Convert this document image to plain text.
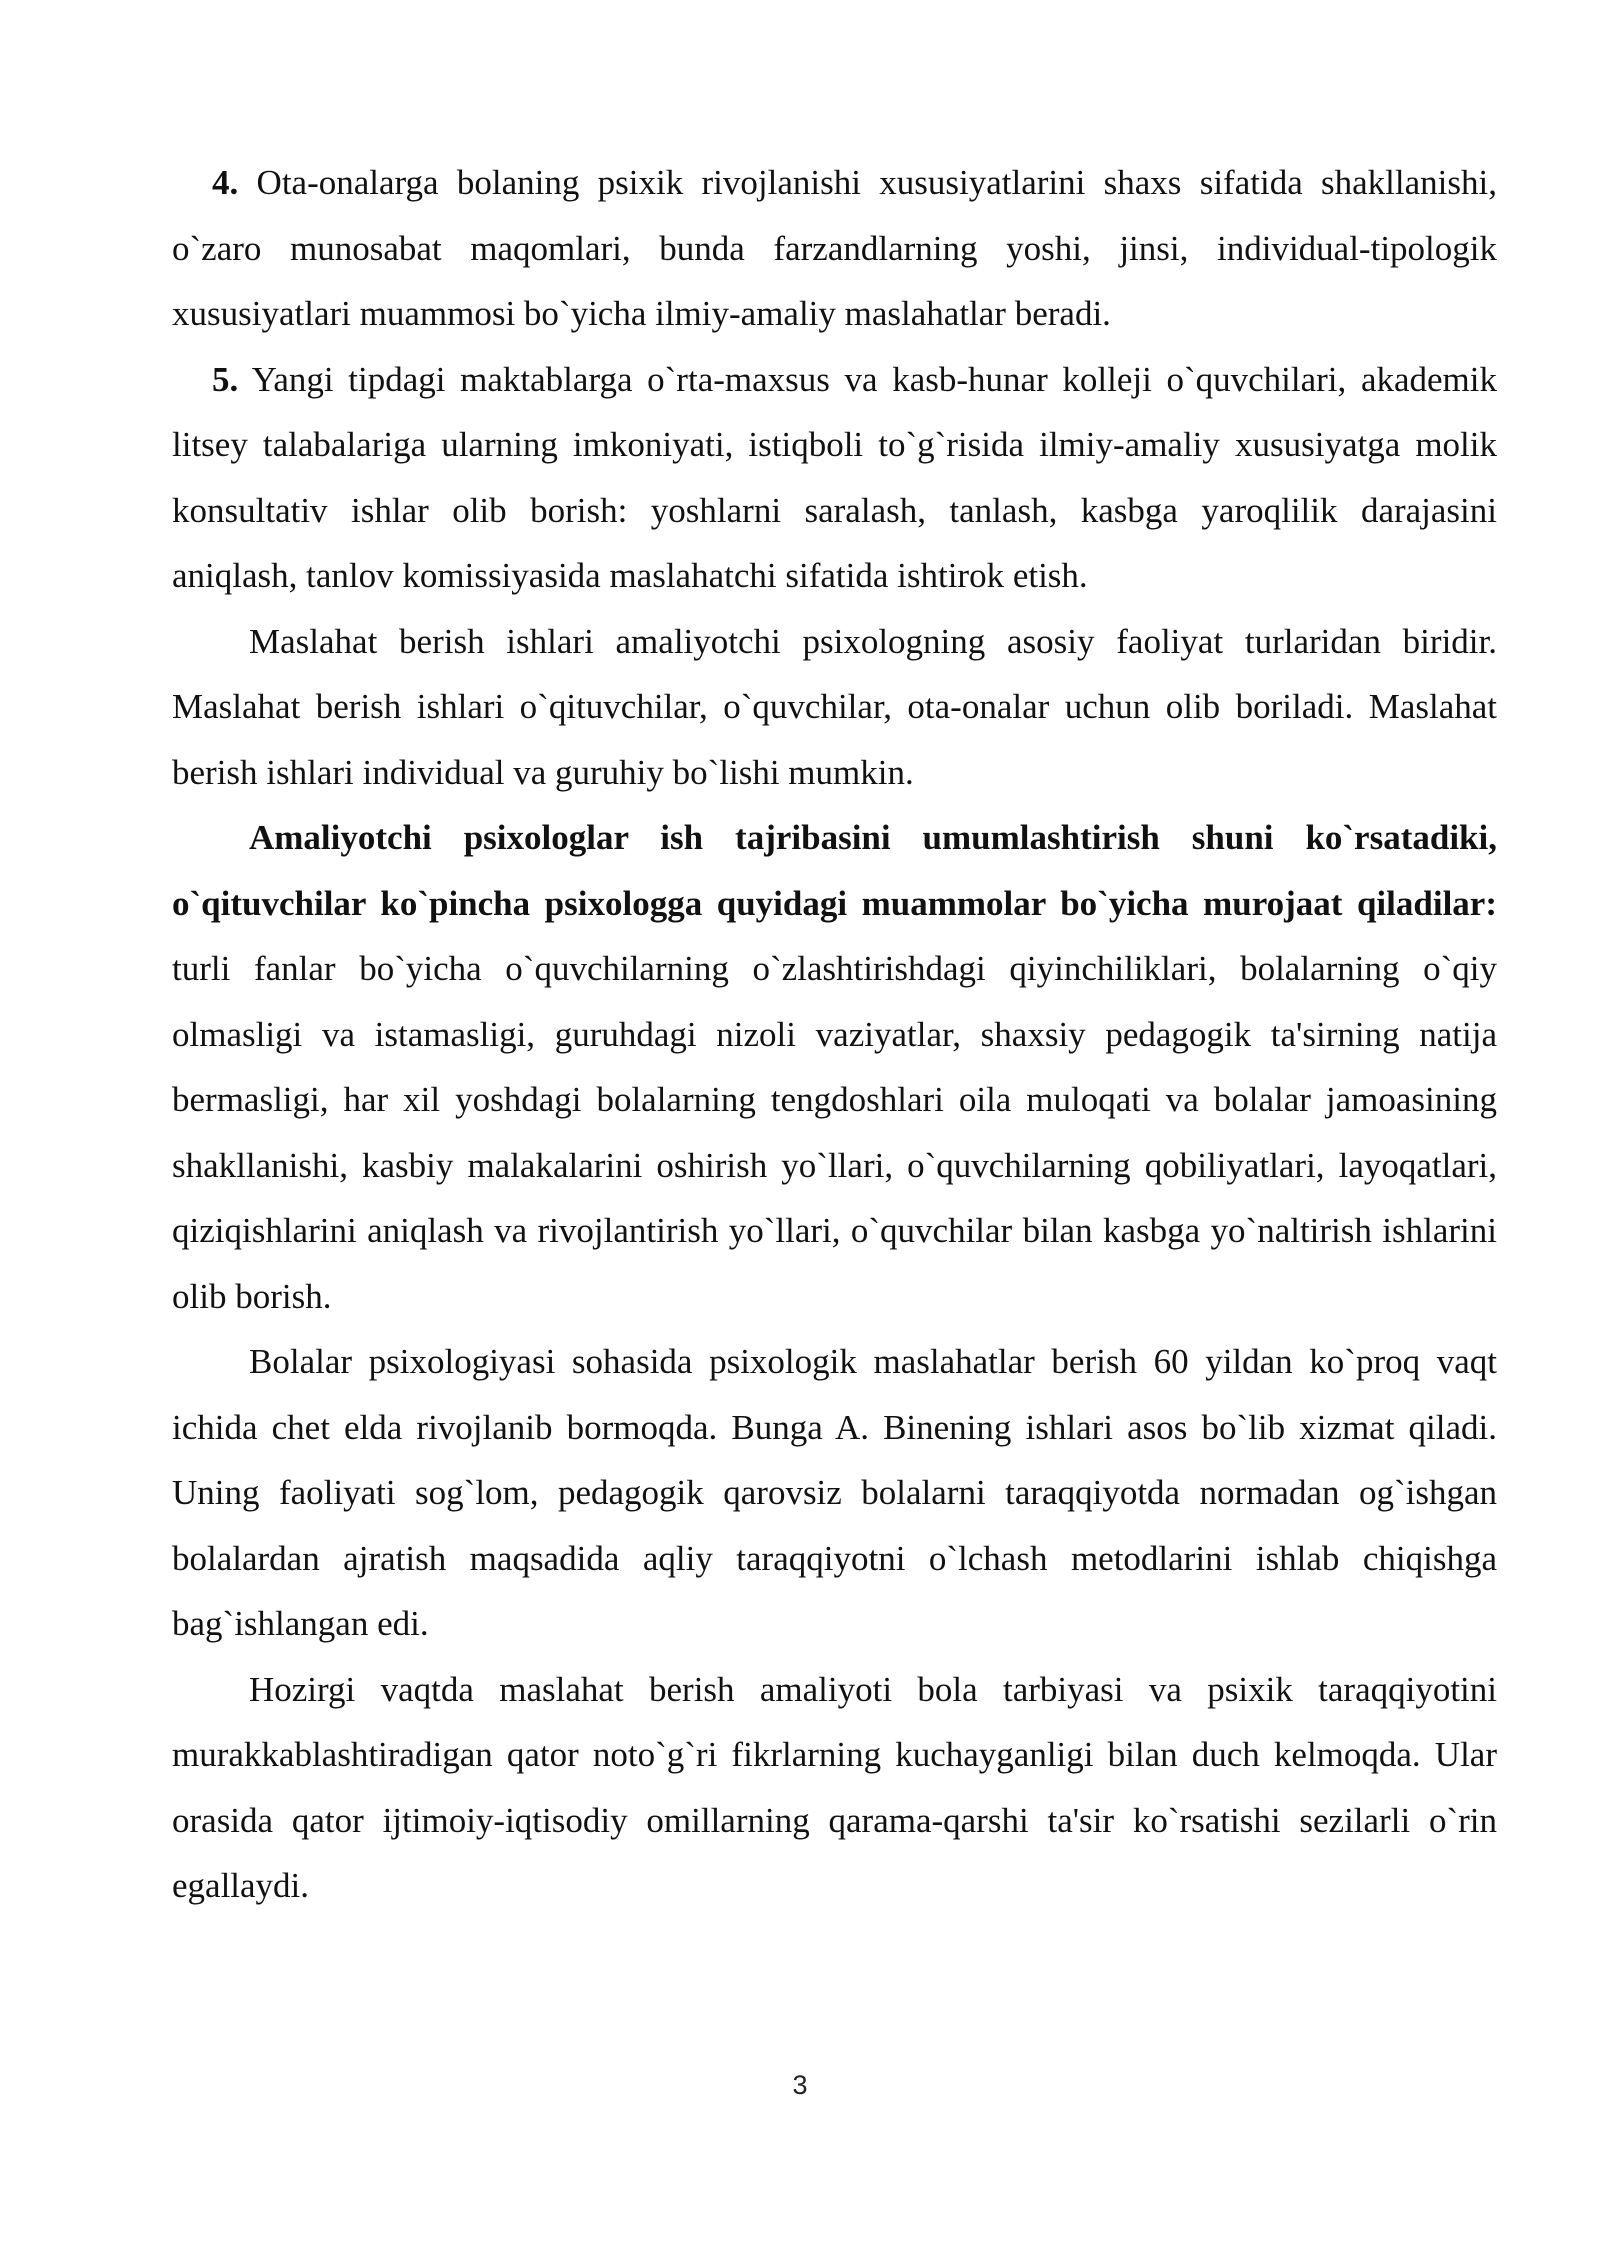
4. Ota-onalarga bolaning psixik rivojlanishi xususiyatlarini shaxs sifatida shakllanishi, o`zaro munosabat maqomlari, bunda farzandlarning yoshi, jinsi, individual-tipologik xususiyatlari muammosi bo`yicha ilmiy-amaliy maslahatlar beradi.

5. Yangi tipdagi maktablarga o`rta-maxsus va kasb-hunar kolleji o`quvchilari, akademik litsey talabalariga ularning imkoniyati, istiqboli to`g`risida ilmiy-amaliy xususiyatga molik konsultativ ishlar olib borish: yoshlarni saralash, tanlash, kasbga yaroqlilik darajasini aniqlash, tanlov komissiyasida maslahatchi sifatida ishtirok etish.

Maslahat berish ishlari amaliyotchi psixologning asosiy faoliyat turlaridan biridir. Maslahat berish ishlari o`qituvchilar, o`quvchilar, ota-onalar uchun olib boriladi. Maslahat berish ishlari individual va guruhiy bo`lishi mumkin.

Amaliyotchi psixologlar ish tajribasini umumlashtirish shuni ko`rsatadiki, o`qituvchilar ko`pincha psixologga quyidagi muammolar bo`yicha murojaat qiladilar: turli fanlar bo`yicha o`quvchilarning o`zlashtirishdagi qiyinchiliklari, bolalarning o`qiy olmasligi va istamasligi, guruhdagi nizoli vaziyatlar, shaxsiy pedagogik ta'sirning natija bermasligi, har xil yoshdagi bolalarning tengdoshlari oila muloqati va bolalar jamoasining shakllanishi, kasbiy malakalarini oshirish yo`llari, o`quvchilarning qobiliyatlari, layoqatlari, qiziqishlarini aniqlash va rivojlantirish yo`llari, o`quvchilar bilan kasbga yo`naltirish ishlarini olib borish.

Bolalar psixologiyasi sohasida psixologik maslahatlar berish 60 yildan ko`proq vaqt ichida chet elda rivojlanib bormoqda. Bunga A. Binening ishlari asos bo`lib xizmat qiladi. Uning faoliyati sog`lom, pedagogik qarovsiz bolalarni taraqqiyotda normadan og`ishgan bolalardan ajratish maqsadida aqliy taraqqiyotni o`lchash metodlarini ishlab chiqishga bag`ishlangan edi.

Hozirgi vaqtda maslahat berish amaliyoti bola tarbiyasi va psixik taraqqiyotini murakkablashtiradigan qator noto`g`ri fikrlarning kuchayganligi bilan duch kelmoqda. Ular orasida qator ijtimoiy-iqtisodiy omillarning qarama-qarshi ta'sir ko`rsatishi sezilarli o`rin egallaydi.

3
